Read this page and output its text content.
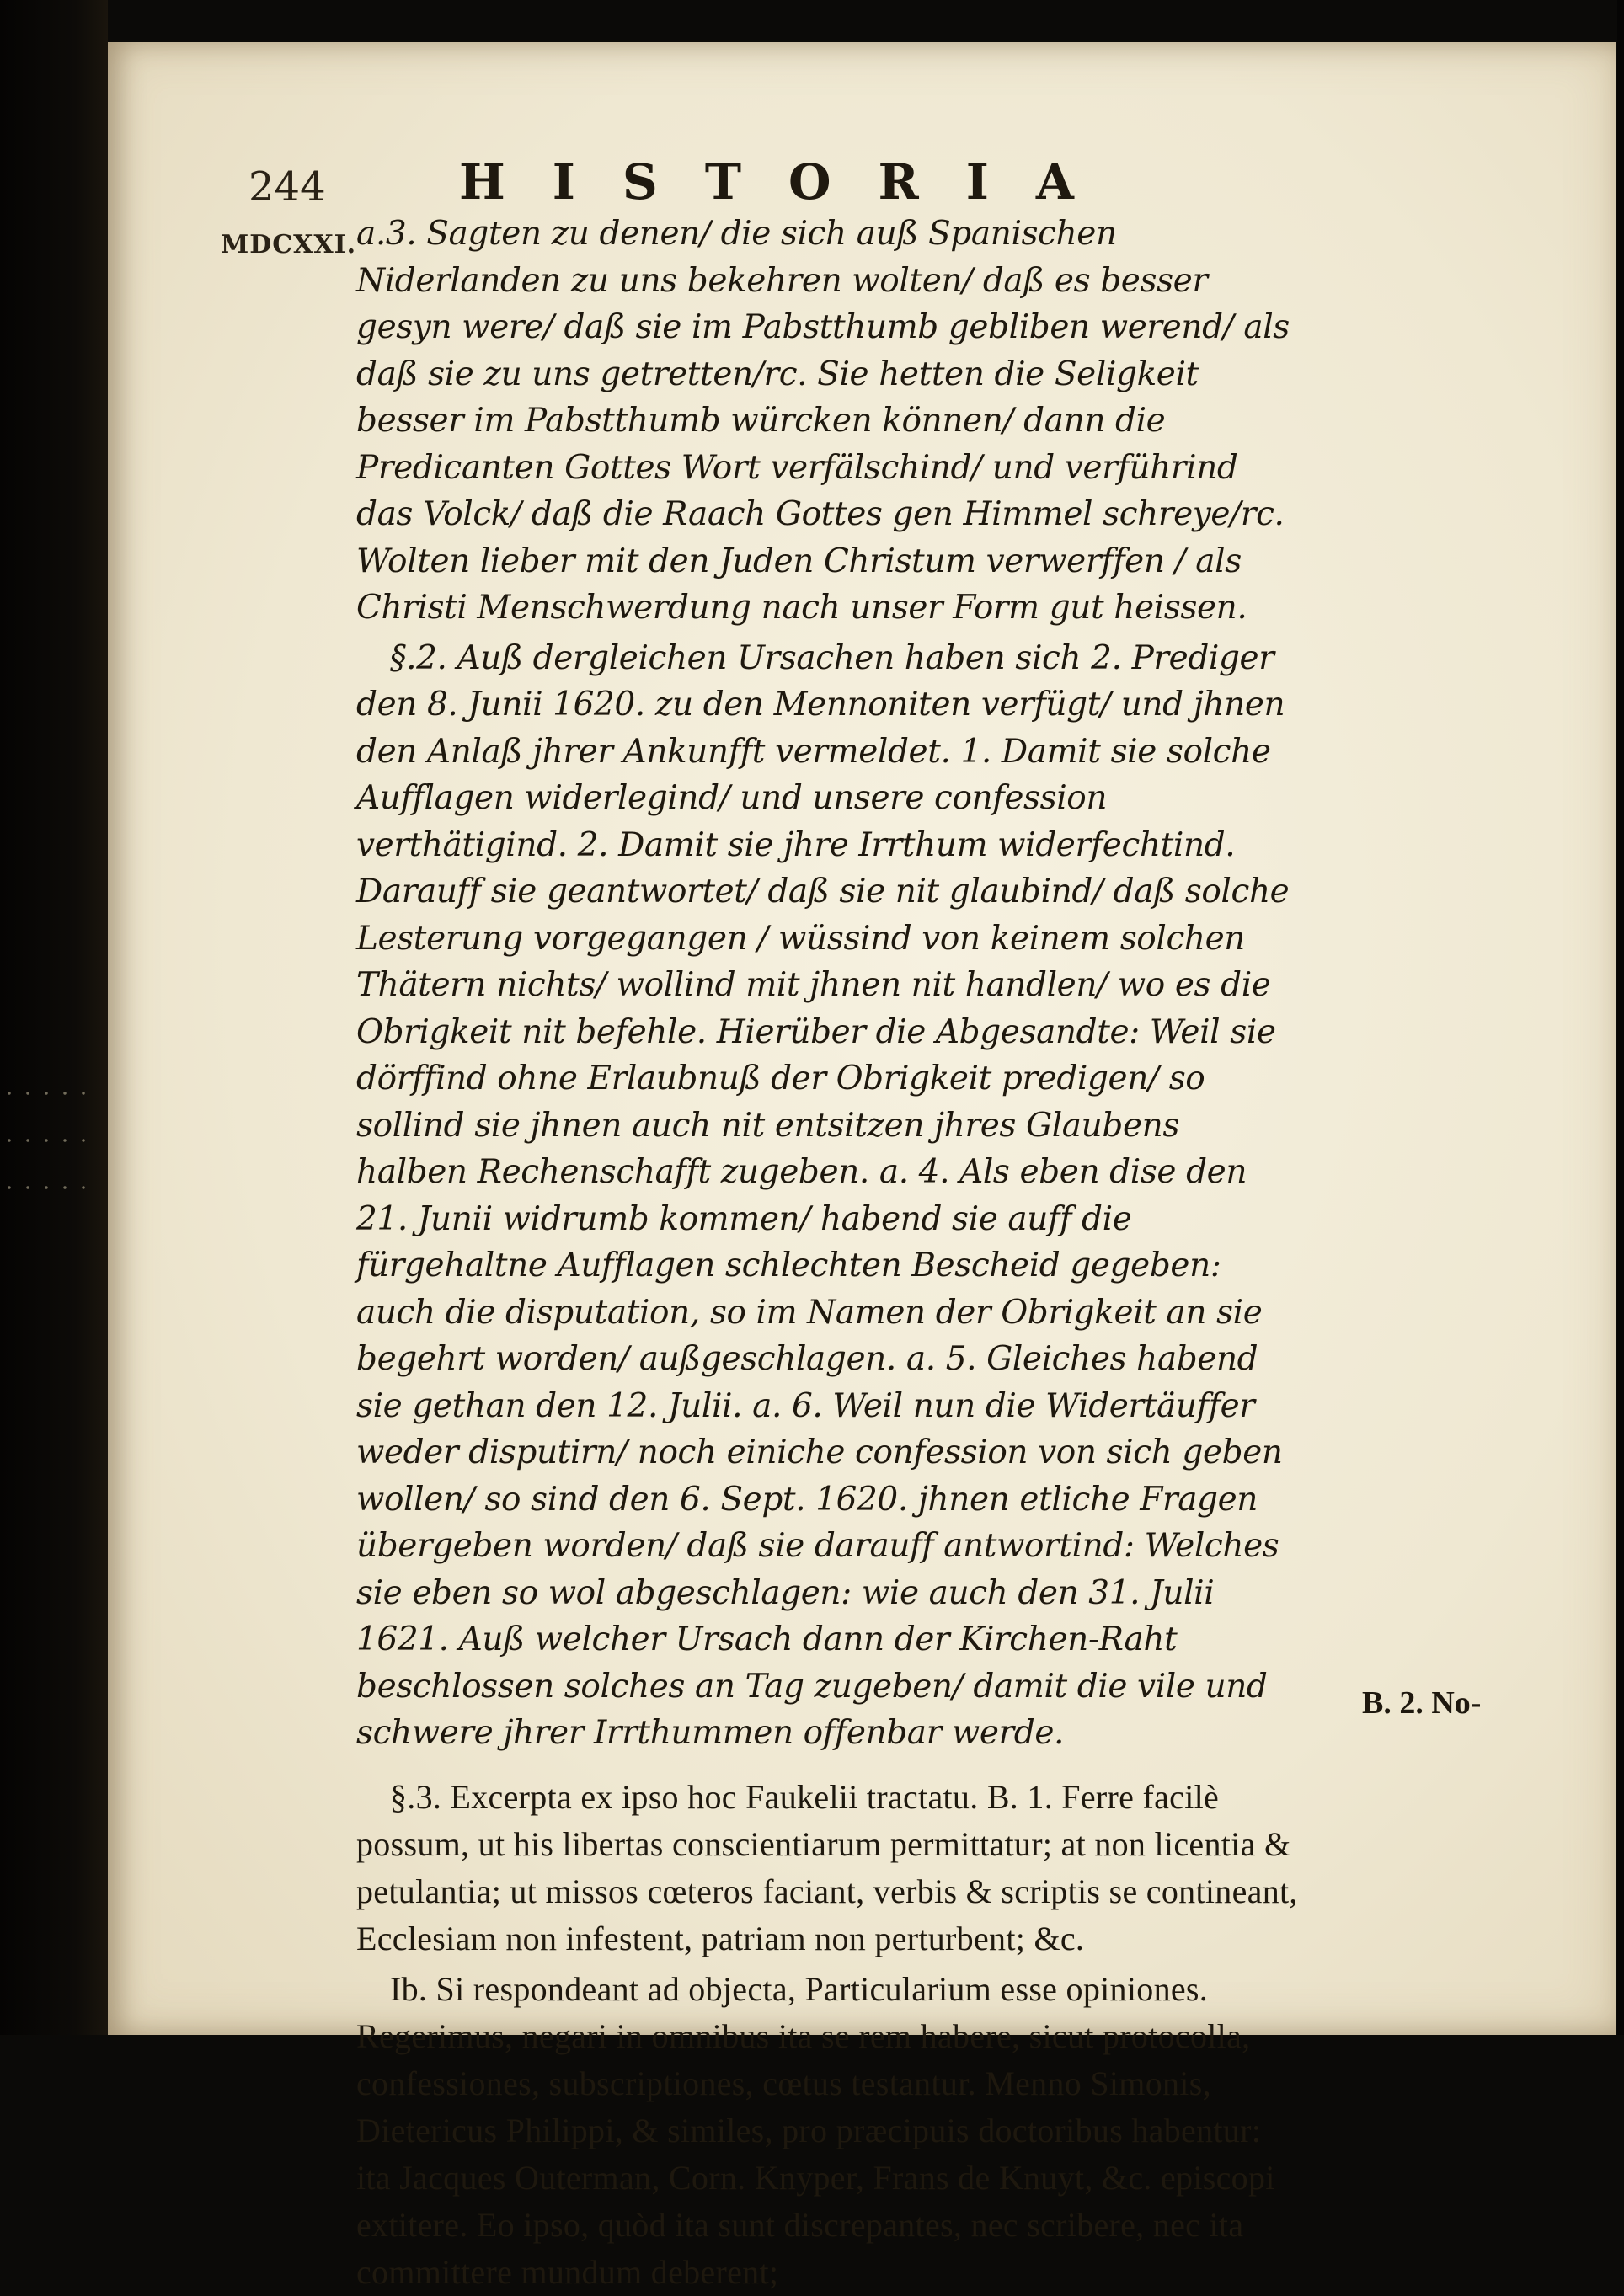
244	HISTORIA
MDCXXI. a.3. Sagten zu denen/ die sich auß Spanischen Niderlanden zu uns bekehren wolten/ daß es besser gesyn were/ daß sie im Pabstthumb gebliben werend/ als daß sie zu uns getretten/rc. Sie hetten die Seligkeit besser im Pabstthumb würcken können/ dann die Predicanten Gottes Wort verfälschind/ und verführind das Volck/ daß die Raach Gottes gen Himmel schreye/rc. Wolten lieber mit den Juden Christum verwerffen / als Christi Menschwerdung nach unser Form gut heissen.

§.2. Auß dergleichen Ursachen haben sich 2. Prediger den 8. Junii 1620. zu den Mennoniten verfügt/ und jhnen den Anlaß jhrer Ankunfft vermeldet. 1. Damit sie solche Aufflagen widerlegind/ und unsere confession verthätigind. 2. Damit sie jhre Irrthum widerfechtind. Darauff sie geantwortet/ daß sie nit glaubind/ daß solche Lesterung vorgegangen / wüssind von keinem solchen Thätern nichts/ wollind mit jhnen nit handlen/ wo es die Obrigkeit nit befehle. Hierüber die Abgesandte: Weil sie dörffind ohne Erlaubnuß der Obrigkeit predigen/ so sollind sie jhnen auch nit entsitzen jhres Glaubens halben Rechenschafft zugeben. a. 4. Als eben dise den 21. Junii widrumb kommen/ habend sie auff die fürgehaltne Aufflagen schlechten Bescheid gegeben: auch die disputation, so im Namen der Obrigkeit an sie begehrt worden/ außgeschlagen. a. 5. Gleiches habend sie gethan den 12. Julii. a. 6. Weil nun die Widertäuffer weder disputirn/ noch einiche confession von sich geben wollen/ so sind den 6. Sept. 1620. jhnen etliche Fragen übergeben worden/ daß sie darauff antwortind: Welches sie eben so wol abgeschlagen: wie auch den 31. Julii 1621. Auß welcher Ursach dann der Kirchen-Raht beschlossen solches an Tag zugeben/ damit die vile und schwere jhrer Irrthummen offenbar werde.

§.3. Excerpta ex ipso hoc Faukelii tractatu. B. 1. Ferre facilè possum, ut his libertas conscientiarum permittatur; at non licentia & petulantia; ut missos cœteros faciant, verbis & scriptis se contineant, Ecclesiam non infestent, patriam non perturbent; &c.

Ib. Si respondeant ad objecta, Particularium esse opiniones. Regerimus, negari in omnibus ita se rem habere, sicut protocolla, confessiones, subscriptiones, cœtus testantur. Menno Simonis, Dietericus Philippi, & similes, pro præcipuis doctoribus habentur: ita Jacques Outerman, Corn. Knyper, Frans de Knuyt, &c. episcopi extitere. Eo ipso, quòd ita sunt discrepantes, nec scribere, nec ita committere mundum deberent;

B. 2. No-
